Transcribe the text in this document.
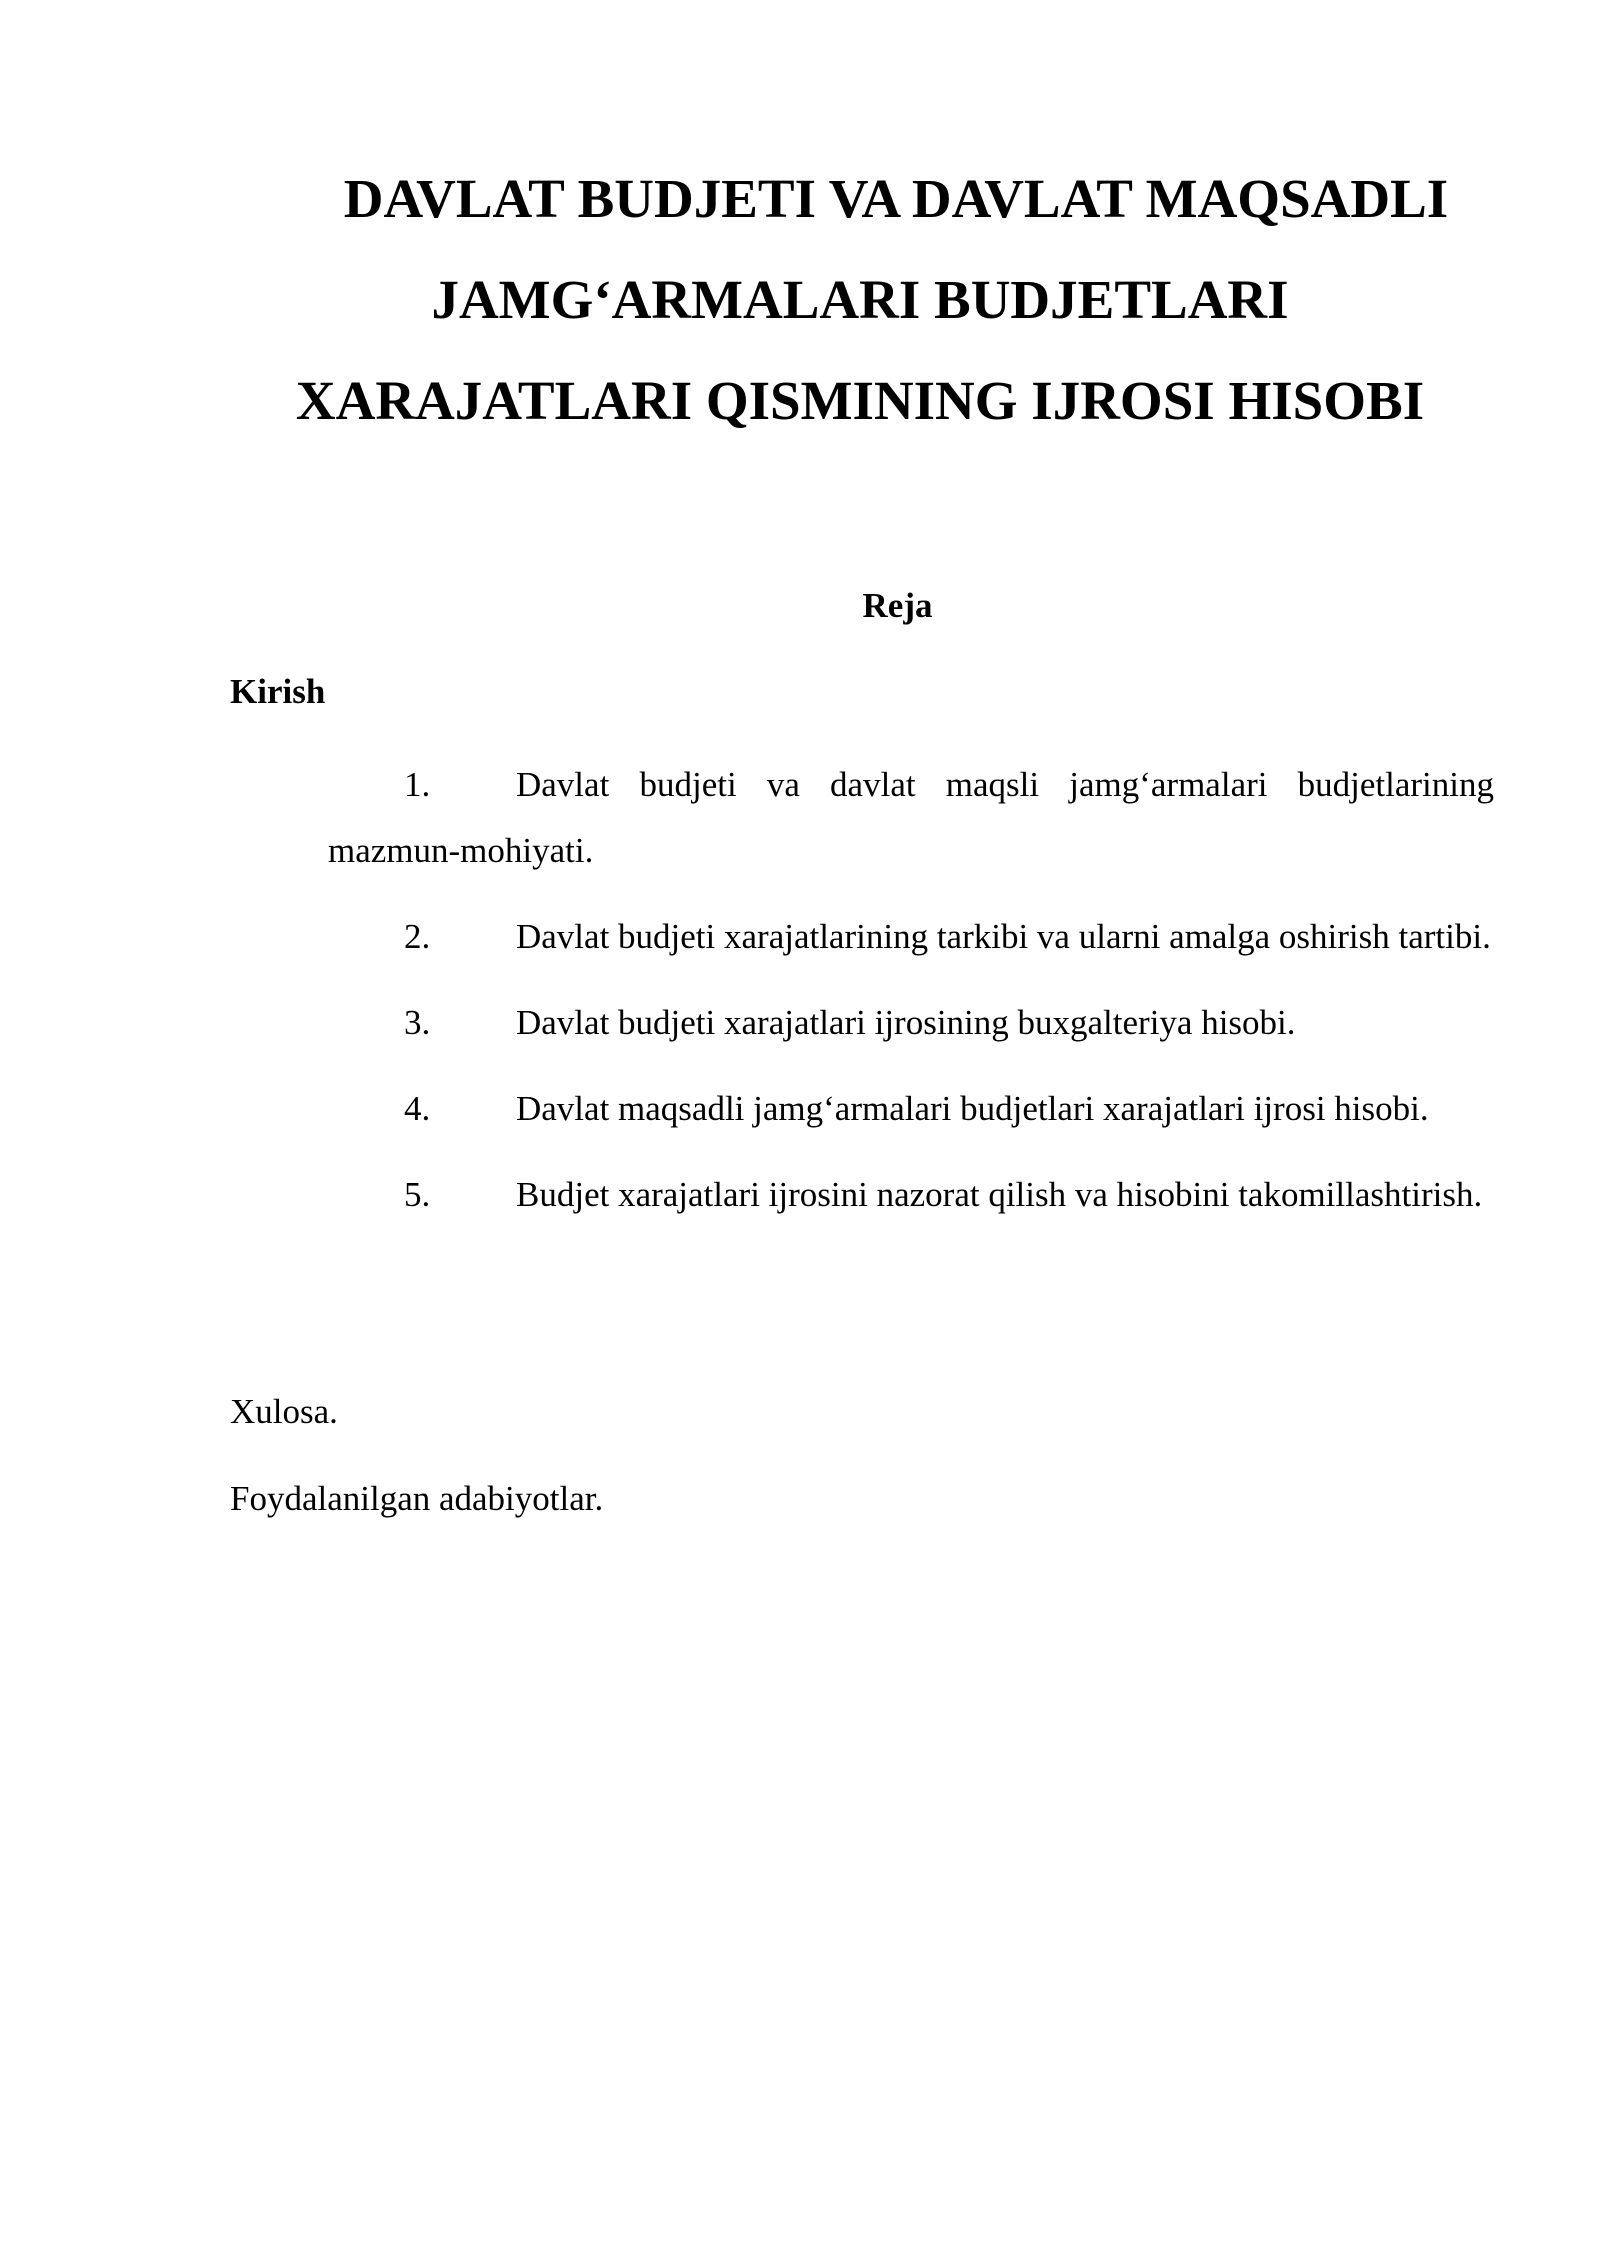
DAVLAT BUDJETI VA DAVLAT MAQSADLI JAMG‘ARMALARI BUDJETLARI XARAJATLARI QISMINING IJROSI HISOBI
Reja
Kirish
1. Davlat budjeti va davlat maqsli jamg‘armalari budjetlarining mazmun-mohiyati.
2. Davlat budjeti xarajatlarining tarkibi va ularni amalga oshirish tartibi.
3. Davlat budjeti xarajatlari ijrosining buxgalteriya hisobi.
4. Davlat maqsadli jamg‘armalari budjetlari xarajatlari ijrosi hisobi.
5. Budjet xarajatlari ijrosini nazorat qilish va hisobini takomillashtirish.
Xulosa.
Foydalanilgan adabiyotlar.
